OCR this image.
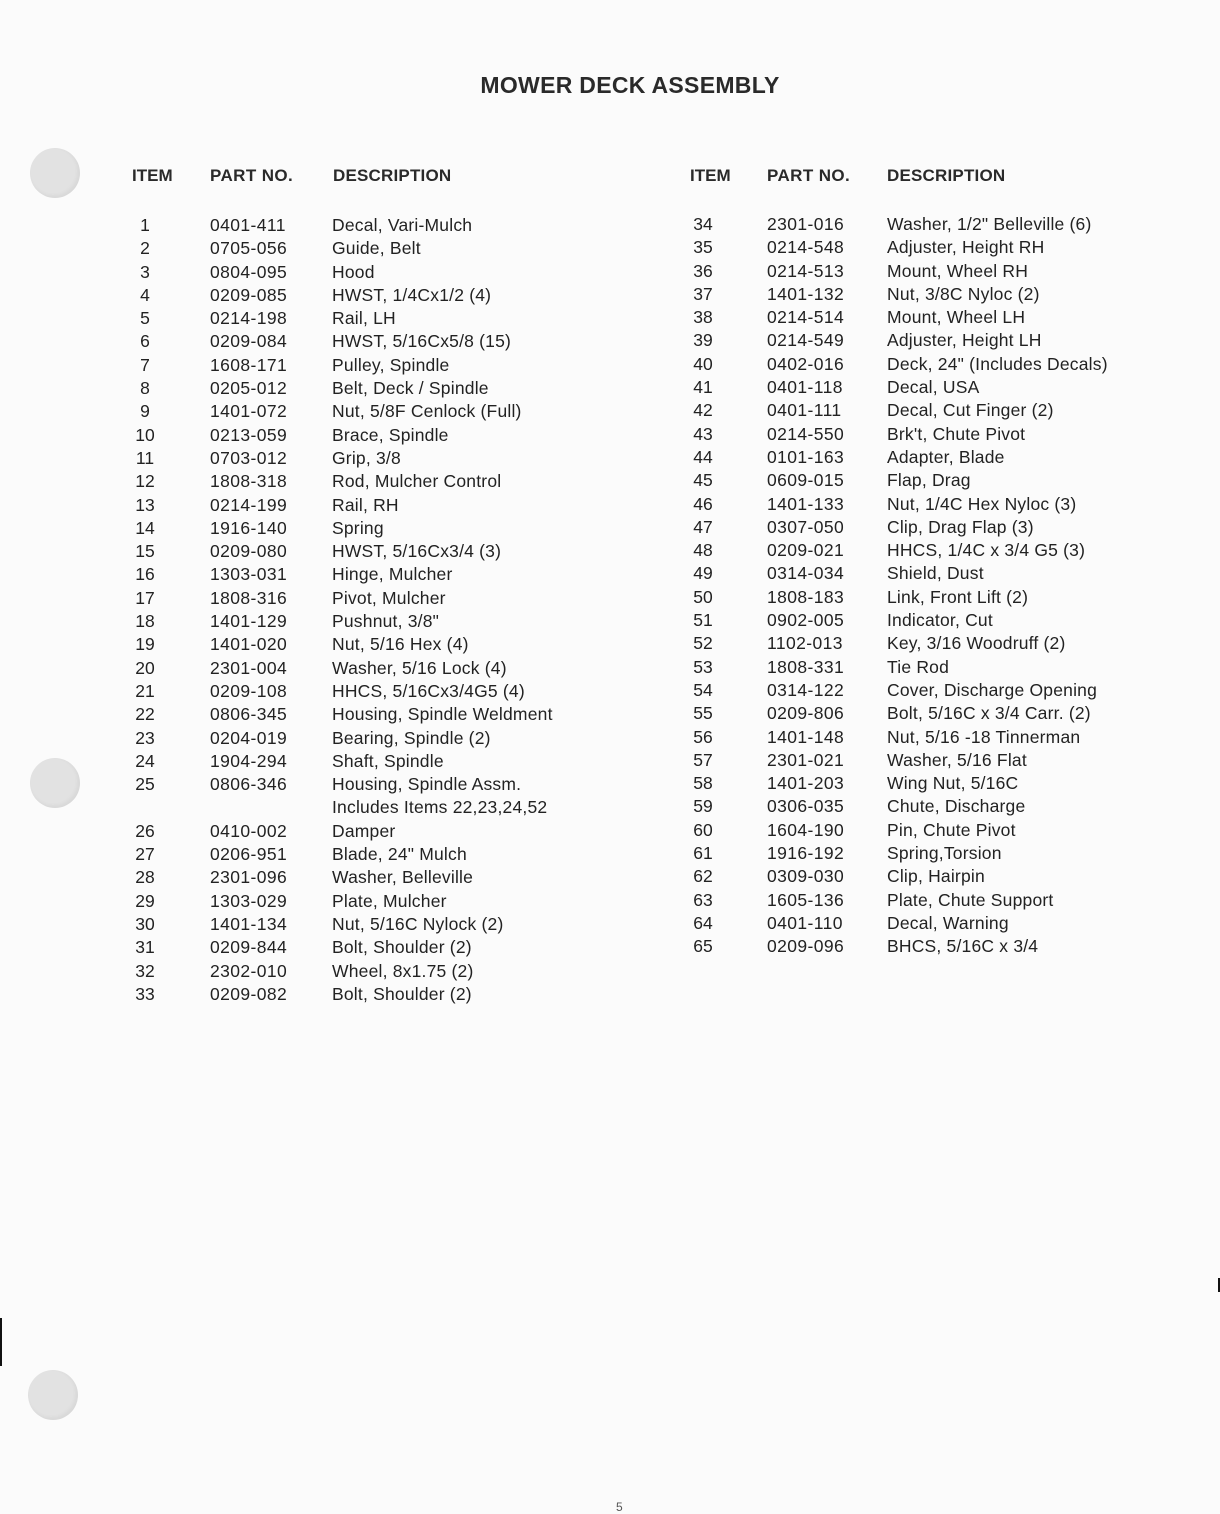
MOWER DECK ASSEMBLY
ITEM PART NO. DESCRIPTION
1	0401-411	Decal, Vari-Mulch
2	0705-056	Guide, Belt
3	0804-095	Hood
4	0209-085	HWST, 1/4Cx1/2 (4)
5	0214-198	Rail, LH
6	0209-084	HWST, 5/16Cx5/8 (15)
7	1608-171	Pulley, Spindle
8	0205-012	Belt, Deck / Spindle
9	1401-072	Nut, 5/8F Cenlock (Full)
10	0213-059	Brace, Spindle
11	0703-012	Grip, 3/8
12	1808-318	Rod, Mulcher Control
13	0214-199	Rail, RH
14	1916-140	Spring
15	0209-080	HWST, 5/16Cx3/4 (3)
16	1303-031	Hinge, Mulcher
17	1808-316	Pivot, Mulcher
18	1401-129	Pushnut, 3/8"
19	1401-020	Nut, 5/16 Hex (4)
20	2301-004	Washer, 5/16 Lock (4)
21	0209-108	HHCS, 5/16Cx3/4G5 (4)
22	0806-345	Housing, Spindle Weldment
23	0204-019	Bearing, Spindle (2)
24	1904-294	Shaft, Spindle
25	0806-346	Housing, Spindle Assm.
Includes Items 22,23,24,52
26	0410-002	Damper
27	0206-951	Blade, 24" Mulch
28	2301-096	Washer, Belleville
29	1303-029	Plate, Mulcher
30	1401-134	Nut, 5/16C Nylock (2)
31	0209-844	Bolt, Shoulder (2)
32	2302-010	Wheel, 8x1.75 (2)
33	0209-082	Bolt, Shoulder (2)
ITEM PART NO. DESCRIPTION
34	2301-016 Washer, 1/2" Belleville (6)
35	0214-548 Adjuster, Height RH
36	0214-513 Mount, Wheel RH
37	1401-132 Nut, 3/8C Nyloc (2)
38	0214-514 Mount, Wheel LH
39	0214-549 Adjuster, Height LH
40	0402-016 Deck, 24" (Includes Decals)
41	0401-118	Decal, USA
42	0401-111	Decal, Cut Finger (2)
43	0214-550 Brk't, Chute Pivot
44	0101-163 Adapter, Blade
45	0609-015 Flap, Drag
46	1401-133 Nut, 1/4C Hex Nyloc (3)
47	0307-050 Clip, Drag Flap (3)
48	0209-021 HHCS, 1/4C x 3/4 G5 (3)
49	0314-034 Shield, Dust
50	1808-183 Link, Front Lift (2)
51	0902-005 Indicator, Cut
52	1102-013	Key, 3/16 Woodruff (2)
53	1808-331 Tie Rod
54	0314-122 Cover, Discharge Opening
55	0209-806 Bolt, 5/16C x 3/4 Carr. (2)
56	1401-148 Nut, 5/16 -18 Tinnerman
57	2301-021 Washer, 5/16 Flat
58	1401-203 Wing Nut, 5/16C
59	0306-035 Chute, Discharge
60	1604-190 Pin, Chute Pivot
61	1916-192 Spring,Torsion
62	0309-030 Clip, Hairpin
63	1605-136 Plate, Chute Support
64	0401-110	Decal, Warning
65	0209-096 BHCS, 5/16C x 3/4
5
